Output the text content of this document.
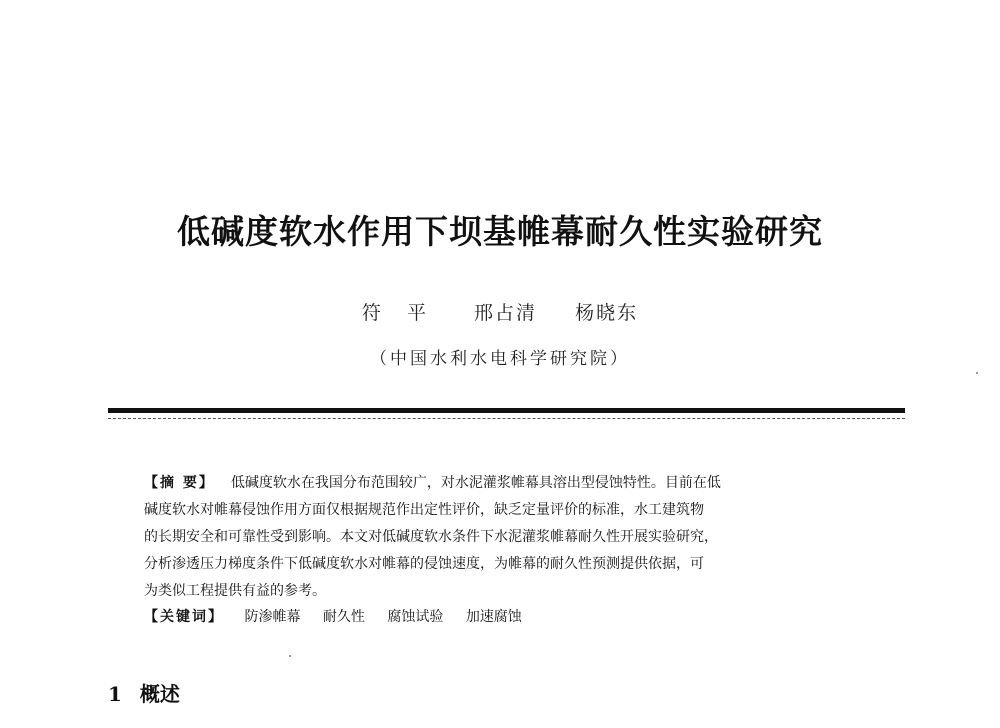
低碱度软水作用下坝基帷幕耐久性实验研究
符 平 邢占清 杨晓东
（中国水利水电科学研究院）
【摘 要】 低碱度软水在我国分布范围较广，对水泥灌浆帷幕具溶出型侵蚀特性。目前在低
碱度软水对帷幕侵蚀作用方面仅根据规范作出定性评价，缺乏定量评价的标准，水工建筑物
的长期安全和可靠性受到影响。本文对低碱度软水条件下水泥灌浆帷幕耐久性开展实验研究，
分析渗透压力梯度条件下低碱度软水对帷幕的侵蚀速度，为帷幕的耐久性预测提供依据，可
为类似工程提供有益的参考。
【关键词】 防渗帷幕 耐久性 腐蚀试验 加速腐蚀
1 概述
